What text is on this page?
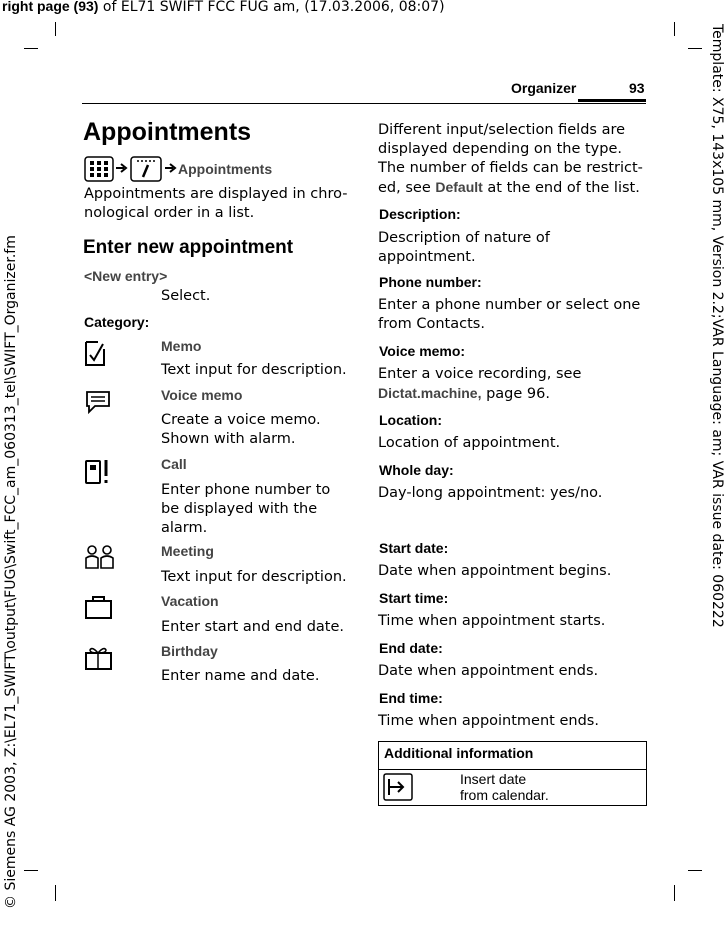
right page (93) of EL71 SWIFT FCC FUG am, (17.03.2006, 08:07)
© Siemens AG 2003, Z:\EL71_SWIFT\output\FUG\Swift_FCC_am_060313_tel\SWIFT_Organizer.fm	Template: X75, 143x105 mm, Version 2.2;VAR Language: am; VAR issue date: 060222
Organizer	93
Appointments
Appointments
Appointments are displayed in chro-
nological order in a list.
Enter new appointment
<New entry>
Select.
Category:
Memo
Text input for description.
Voice memo
Create a voice memo.
Shown with alarm.
Call
Enter phone number to
be displayed with the
alarm.
Meeting
Text input for description.
Vacation
Enter start and end date.
Birthday
Enter name and date.
Different input/selection fields are
displayed depending on the type.
The number of fields can be restrict-
ed, see Default at the end of the list.
Description:
Description of nature of
appointment.
Phone number:
Enter a phone number or select one
from Contacts.
Voice memo:
Enter a voice recording, see
Dictat.machine, page 96.
Location:
Location of appointment.
Whole day:
Day-long appointment: yes/no.
Start date:
Date when appointment begins.
Start time:
Time when appointment starts.
End date:
Date when appointment ends.
End time:
Additional information
Insert date
from calendar.
Time when appointment ends.
